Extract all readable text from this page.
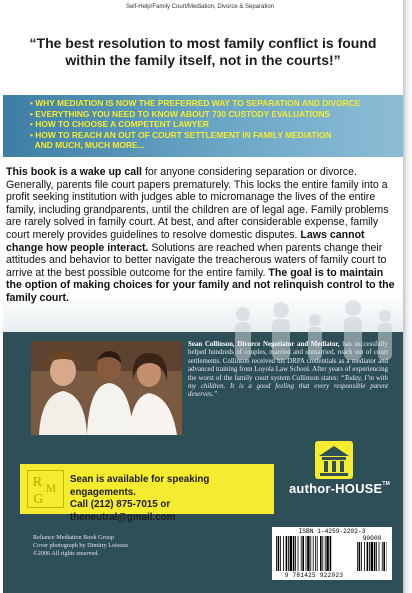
Self-Help/Family Court/Mediation, Divorce & Separation
“The best resolution to most family conflict is found within the family itself, not in the courts!”
• WHY MEDIATION IS NOW THE PREFERRED WAY TO SEPARATION AND DIVORCE
• EVERYTHING YOU NEED TO KNOW ABOUT 730 CUSTODY EVALUATIONS
• HOW TO CHOOSE A COMPETENT LAWYER
• HOW TO REACH AN OUT OF COURT SETTLEMENT IN FAMILY MEDIATION
AND MUCH, MUCH MORE...

This book is a wake up call for anyone considering separation or divorce. Generally, parents file court papers prematurely. This locks the entire family into a profit seeking institution with judges able to micromanage the lives of the entire family, including grandparents, until the children are of legal age. Family problems are rarely solved in family court. At best, and after considerable expense, family court merely provides guidelines to resolve domestic disputes. Laws cannot change how people interact. Solutions are reached when parents change their attitudes and behavior to better navigate the treacherous waters of family court to arrive at the best possible outcome for the entire family. The goal is to maintain the option of making choices for your family and not relinquish control to the family court.

Sean Collinson, Divorce Negotiator and Mediator, has successfully helped hundreds of couples, married and unmarried, reach out of court settlements. Collinson received his DRPA credentials as a mediator and advanced training from Loyola Law School. After years of experiencing the worst of the family court system Collinson states: “Today, I’m with my children. It is a good feeling that every responsible parent deserves.”

author-HOUSE™
R M
G
Sean is available for speaking engagements.
Call (212) 875-7015 or theneutral@gmail.com
Reliance Mediation Book Group
Cover photograph by Dimitry Loiseau
©2006 All rights reserved.
ISBN 1-4259-2202-3
90000
9 781425 922023
